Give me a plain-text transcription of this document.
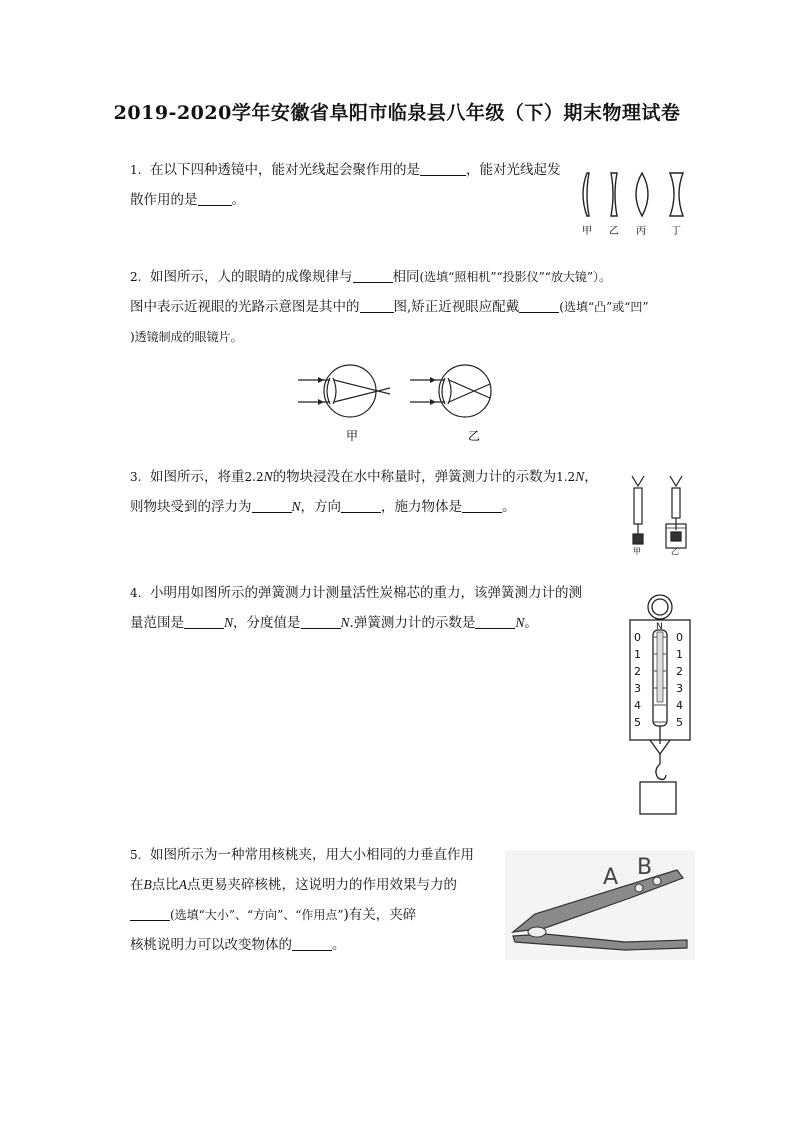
2019-2020学年安徽省阜阳市临泉县八年级（下）期末物理试卷
1. 在以下四种透镜中，能对光线起会聚作用的是	，能对光线起发
散作用的是	。
甲 乙 丙	丁
2. 如图所示，人的眼睛的成像规律与	相同(选填“照相机”“投影仪”“放大镜”）。
图中表示近视眼的光路示意图是其中的	图,矫正近视眼应配戴	(选填“凸”或“凹”
)透镜制成的眼镜片。
甲	乙
3. 如图所示，将重2.2N的物块浸没在水中称量时，弹簧测力计的示数为1.2N，
则物块受到的浮力为	N，方向	，施力物体是	。
甲	乙
4. 小明用如图所示的弹簧测力计测量活性炭棉芯的重力，该弹簧测力计的测
量范围是	N，分度值是	N.弹簧测力计的示数是	N。
0
1
2
3
4
5
0
1
2
3
4
5
N
5. 如图所示为一种常用核桃夹，用大小相同的力垂直作用
在B点比A点更易夹碎核桃，这说明力的作用效果与力的
(选填“大小”、“方向”、“作用点”)有关，夹碎
核桃说明力可以改变物体的	。
A B
